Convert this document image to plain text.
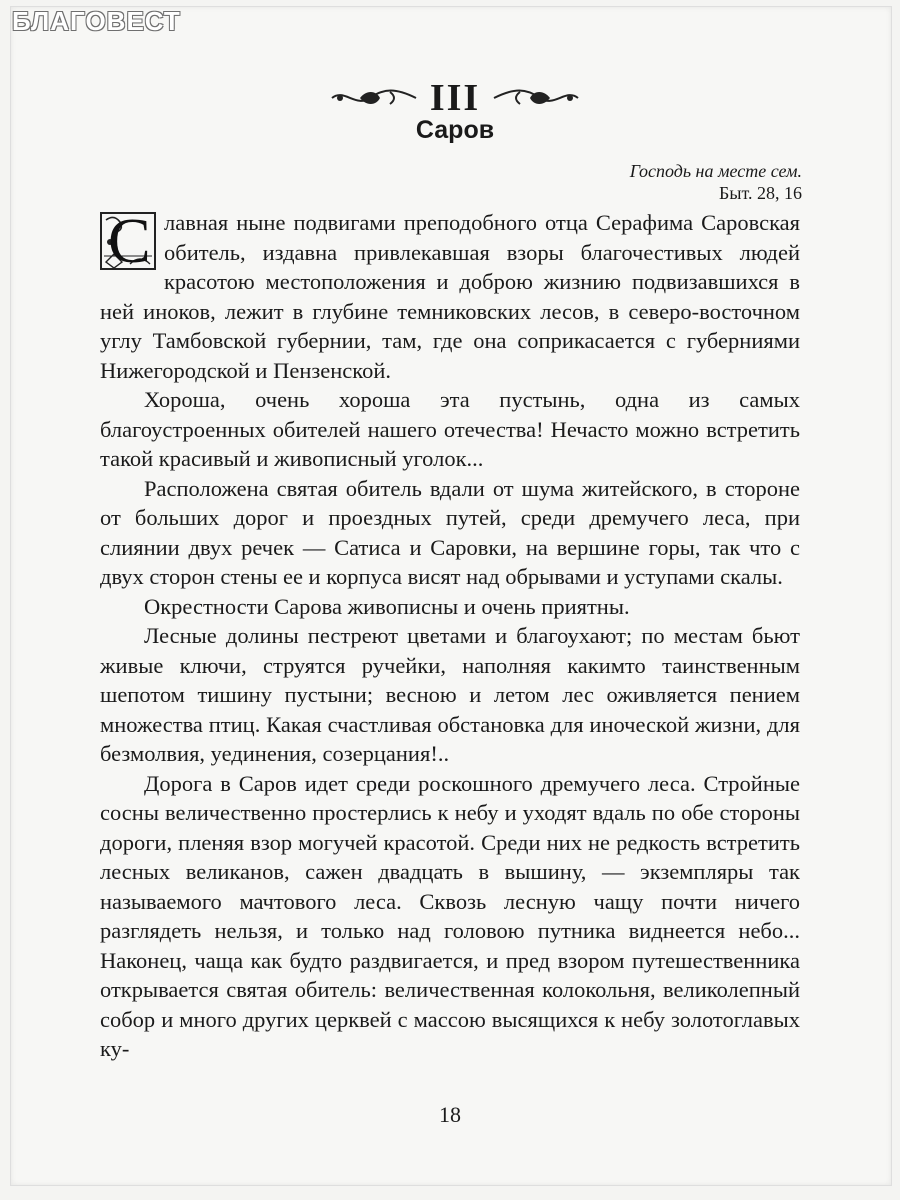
БЛАГОВЕСТ
III
Саров
Господь на месте сем.
Быт. 28, 16

С лавная ныне подвигами преподобного отца Серафима Саровская обитель, издавна привлекавшая взоры благочестивых людей красотою местоположения и доброю жизнию подвизавшихся в ней иноков, лежит в глубине темниковских лесов, в северо-восточном углу Тамбовской губернии, там, где она соприкасается с губерниями Нижегородской и Пензенской.

Хороша, очень хороша эта пустынь, одна из самых благоустроенных обителей нашего отечества! Нечасто можно встретить такой красивый и живописный уголок...

Расположена святая обитель вдали от шума житейского, в стороне от больших дорог и проездных путей, среди дремучего леса, при слиянии двух речек — Сатиса и Саровки, на вершине горы, так что с двух сторон стены ее и корпуса висят над обрывами и уступами скалы.

Окрестности Сарова живописны и очень приятны.

Лесные долины пестреют цветами и благоухают; по местам бьют живые ключи, струятся ручейки, наполняя какимто таинственным шепотом тишину пустыни; весною и летом лес оживляется пением множества птиц. Какая счастливая обстановка для иноческой жизни, для безмолвия, уединения, созерцания!..

Дорога в Саров идет среди роскошного дремучего леса. Стройные сосны величественно простерлись к небу и уходят вдаль по обе стороны дороги, пленяя взор могучей красотой. Среди них не редкость встретить лесных великанов, сажен двадцать в вышину, — экземпляры так называемого мачтового леса. Сквозь лесную чащу почти ничего разглядеть нельзя, и только над головою путника виднеется небо... Наконец, чаща как будто раздвигается, и пред взором путешественника открывается святая обитель: величественная колокольня, великолепный собор и много других церквей с массою высящихся к небу золотоглавых ку-

18
